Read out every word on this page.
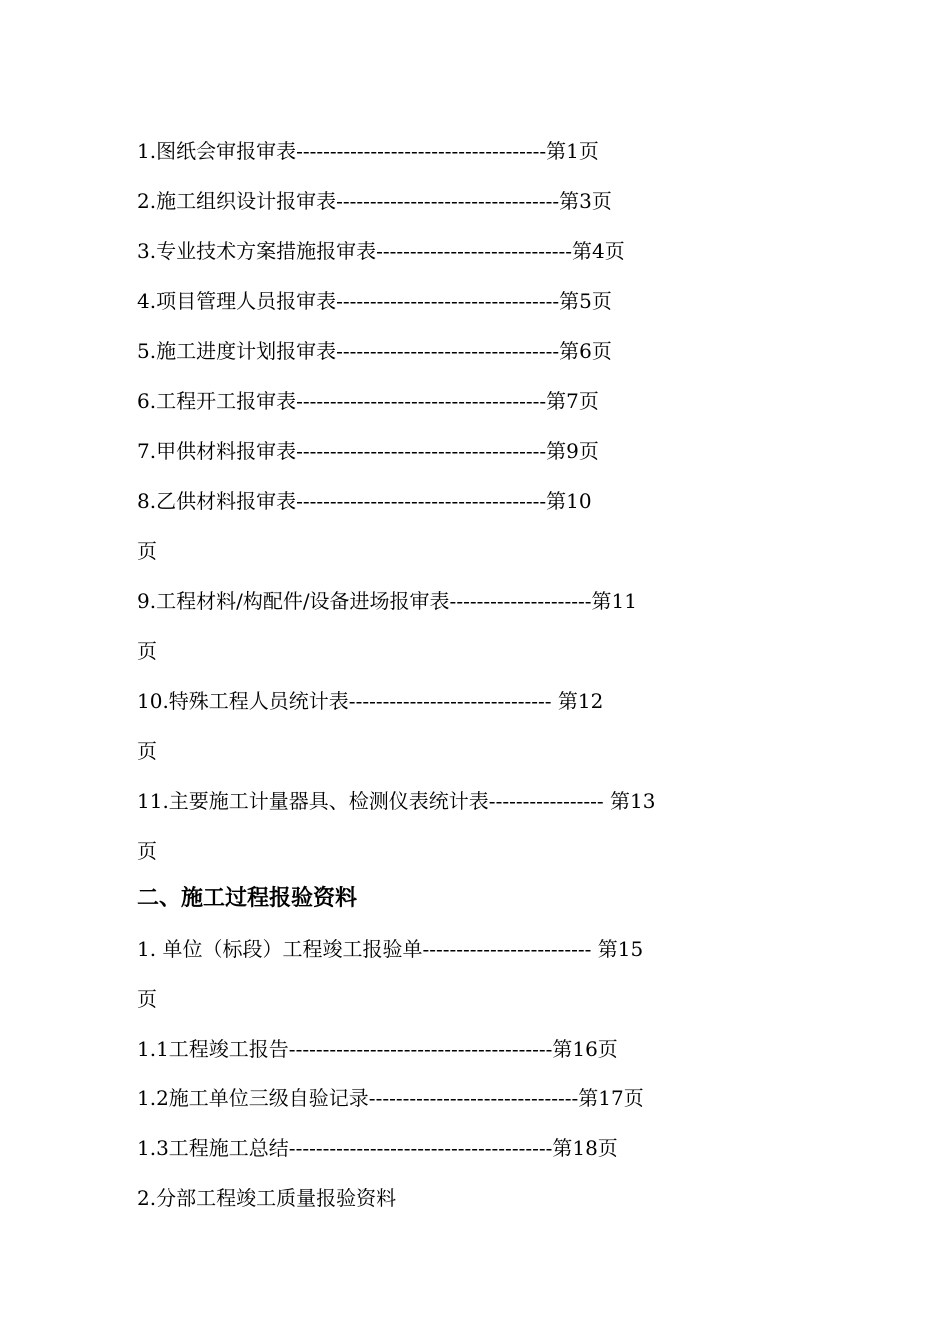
1.图纸会审报审表-------------------------------------第1页
2.施工组织设计报审表---------------------------------第3页
3.专业技术方案措施报审表-----------------------------第4页
4.项目管理人员报审表---------------------------------第5页
5.施工进度计划报审表---------------------------------第6页
6.工程开工报审表-------------------------------------第7页
7.甲供材料报审表-------------------------------------第9页
8.乙供材料报审表-------------------------------------第10
页
9.工程材料/构配件/设备进场报审表---------------------第11
页
10.特殊工程人员统计表------------------------------ 第12
页
11.主要施工计量器具、检测仪表统计表----------------- 第13
页
二、施工过程报验资料
1. 单位（标段）工程竣工报验单------------------------- 第15
页
1.1工程竣工报告---------------------------------------第16页
1.2施工单位三级自验记录-------------------------------第17页
1.3工程施工总结---------------------------------------第18页
2.分部工程竣工质量报验资料
